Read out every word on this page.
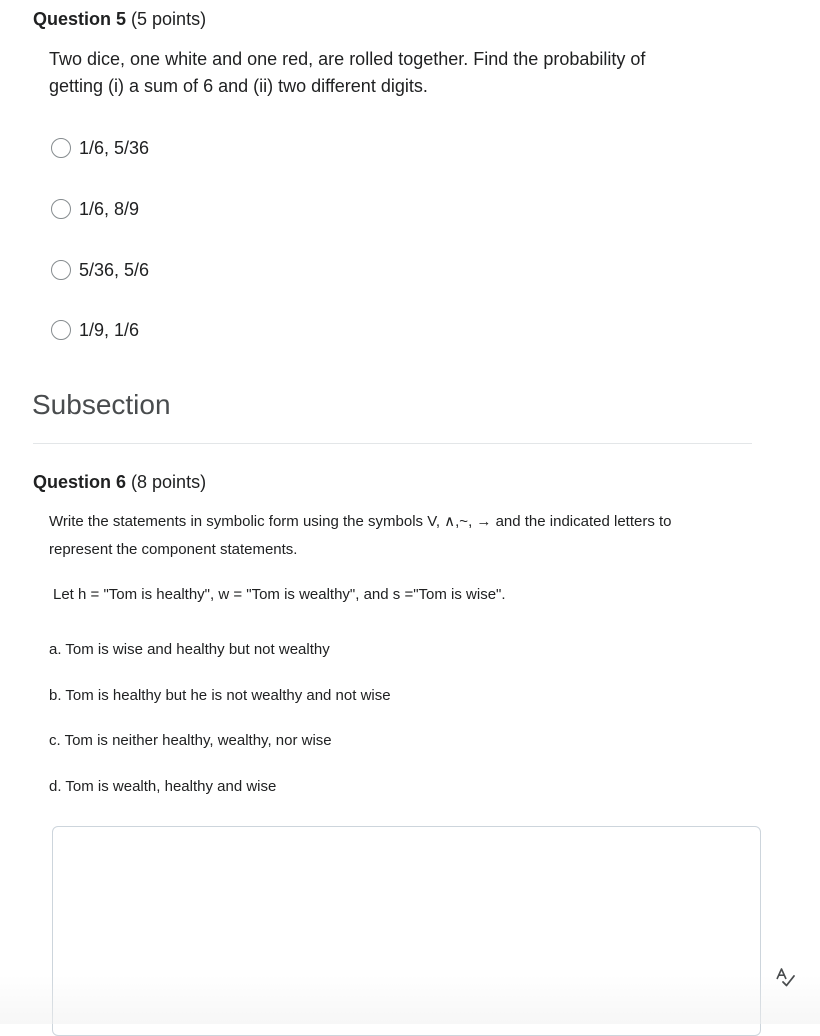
Question 5 (5 points)
Two dice, one white and one red, are rolled together. Find the probability of
getting (i) a sum of 6 and (ii) two different digits.
1/6, 5/36
1/6, 8/9
5/36, 5/6
1/9, 1/6
Subsection
Question 6 (8 points)
Write the statements in symbolic form using the symbols V, ∧,~, → and the indicated letters to
represent the component statements.
Let h = "Tom is healthy", w = "Tom is wealthy", and s ="Tom is wise".
a. Tom is wise and healthy but not wealthy
b. Tom is healthy but he is not wealthy and not wise
c. Tom is neither healthy, wealthy, nor wise
d. Tom is wealth, healthy and wise
